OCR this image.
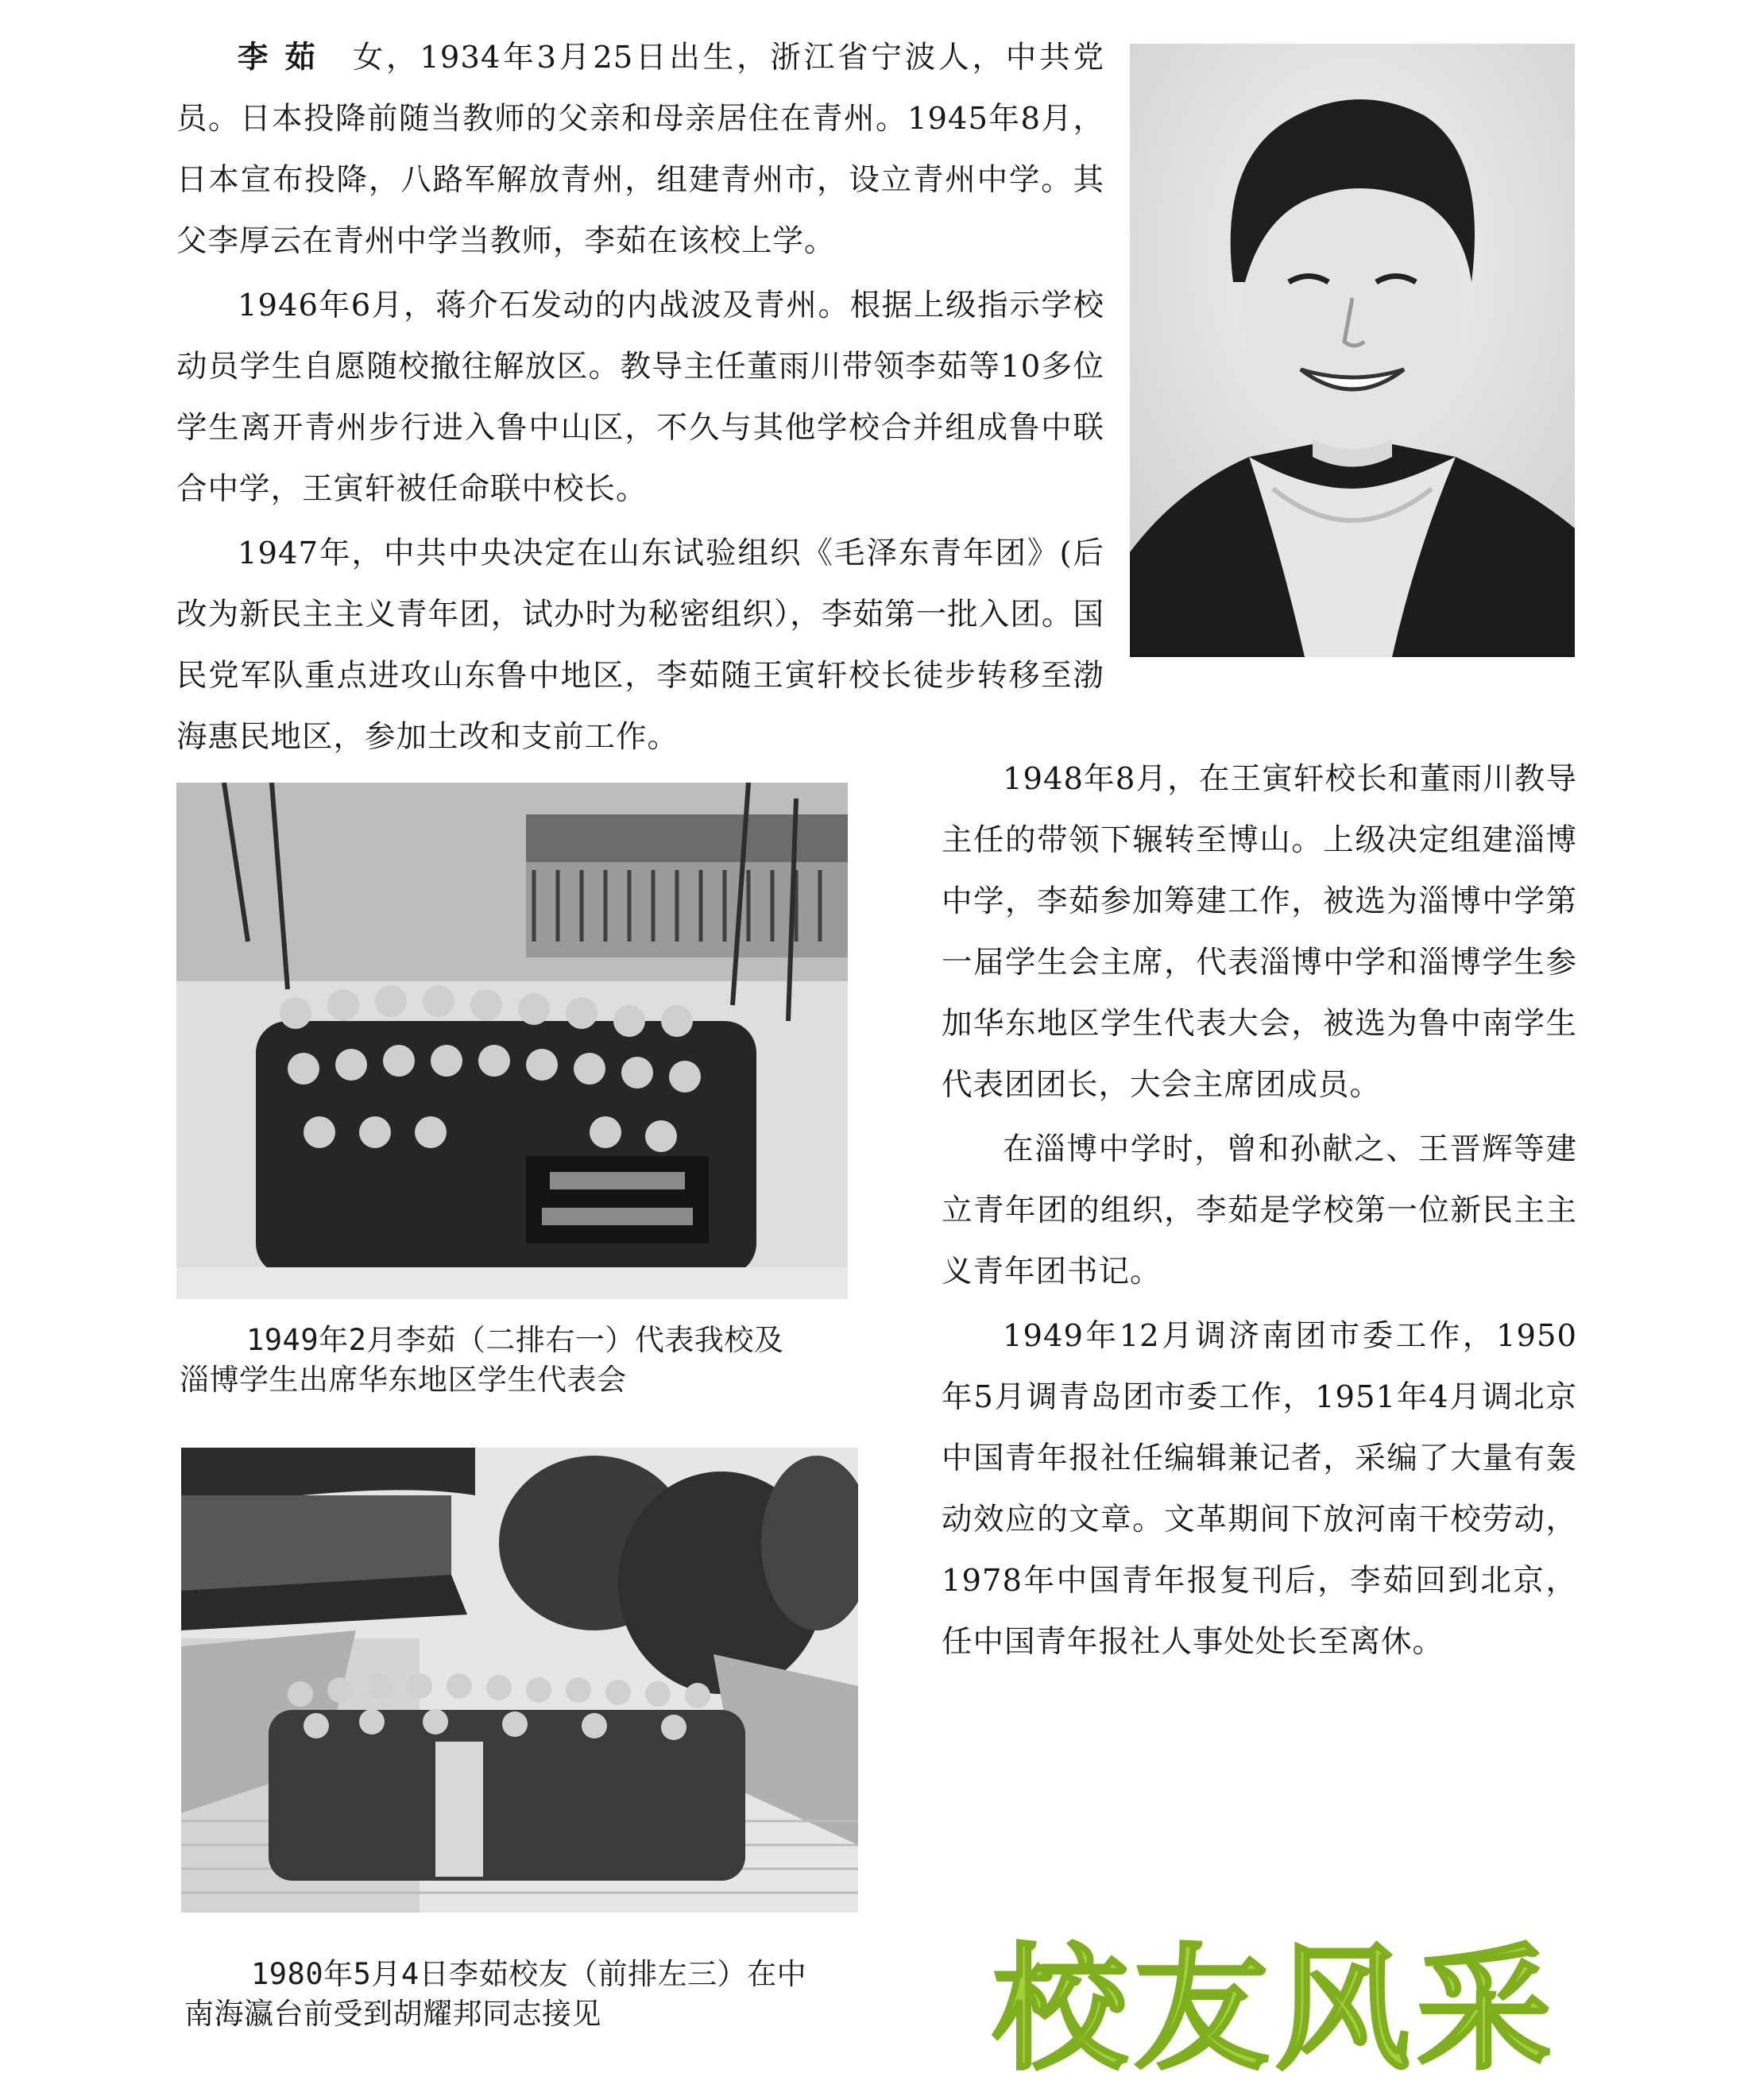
李茹 女，1934年3月25日出生，浙江省宁波人，中共党员。日本投降前随当教师的父亲和母亲居住在青州。1945年8月，日本宣布投降，八路军解放青州，组建青州市，设立青州中学。其父李厚云在青州中学当教师，李茹在该校上学。

1946年6月，蒋介石发动的内战波及青州。根据上级指示学校动员学生自愿随校撤往解放区。教导主任董雨川带领李茹等10多位学生离开青州步行进入鲁中山区，不久与其他学校合并组成鲁中联合中学，王寅轩被任命联中校长。

1947年，中共中央决定在山东试验组织《毛泽东青年团》(后改为新民主主义青年团，试办时为秘密组织），李茹第一批入团。国民党军队重点进攻山东鲁中地区，李茹随王寅轩校长徒步转移至渤海惠民地区，参加土改和支前工作。

1949年2月李茹（二排右一）代表我校及
淄博学生出席华东地区学生代表会
1980年5月4日李茹校友（前排左三）在中
南海瀛台前受到胡耀邦同志接见

1948年8月，在王寅轩校长和董雨川教导主任的带领下辗转至博山。上级决定组建淄博中学，李茹参加筹建工作，被选为淄博中学第一届学生会主席，代表淄博中学和淄博学生参加华东地区学生代表大会，被选为鲁中南学生代表团团长，大会主席团成员。

在淄博中学时，曾和孙献之、王晋辉等建立青年团的组织，李茹是学校第一位新民主主义青年团书记。

1949年12月调济南团市委工作，1950年5月调青岛团市委工作，1951年4月调北京中国青年报社任编辑兼记者，采编了大量有轰动效应的文章。文革期间下放河南干校劳动，1978年中国青年报复刊后，李茹回到北京，任中国青年报社人事处处长至离休。

校友风采
